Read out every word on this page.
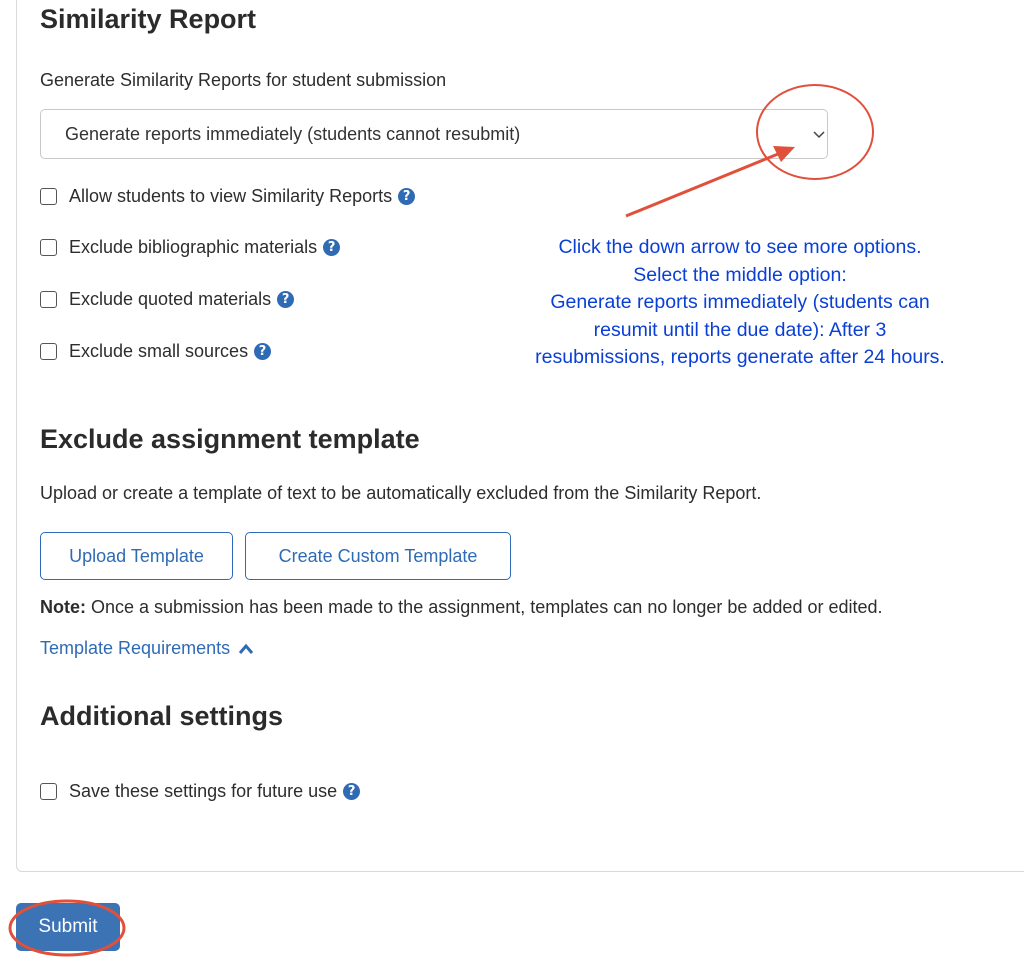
Similarity Report
Generate Similarity Reports for student submission
Generate reports immediately (students cannot resubmit)
Allow students to view Similarity Reports ?
Exclude bibliographic materials ?
Exclude quoted materials ?
Exclude small sources ?
Click the down arrow to see more options.
Select the middle option:
Generate reports immediately (students can
resumit until the due date): After 3
resubmissions, reports generate after 24 hours.
Exclude assignment template
Upload or create a template of text to be automatically excluded from the Similarity Report.
Upload Template	Create Custom Template
Note: Once a submission has been made to the assignment, templates can no longer be added or edited.
Template Requirements
Additional settings
Save these settings for future use ?
Submit
